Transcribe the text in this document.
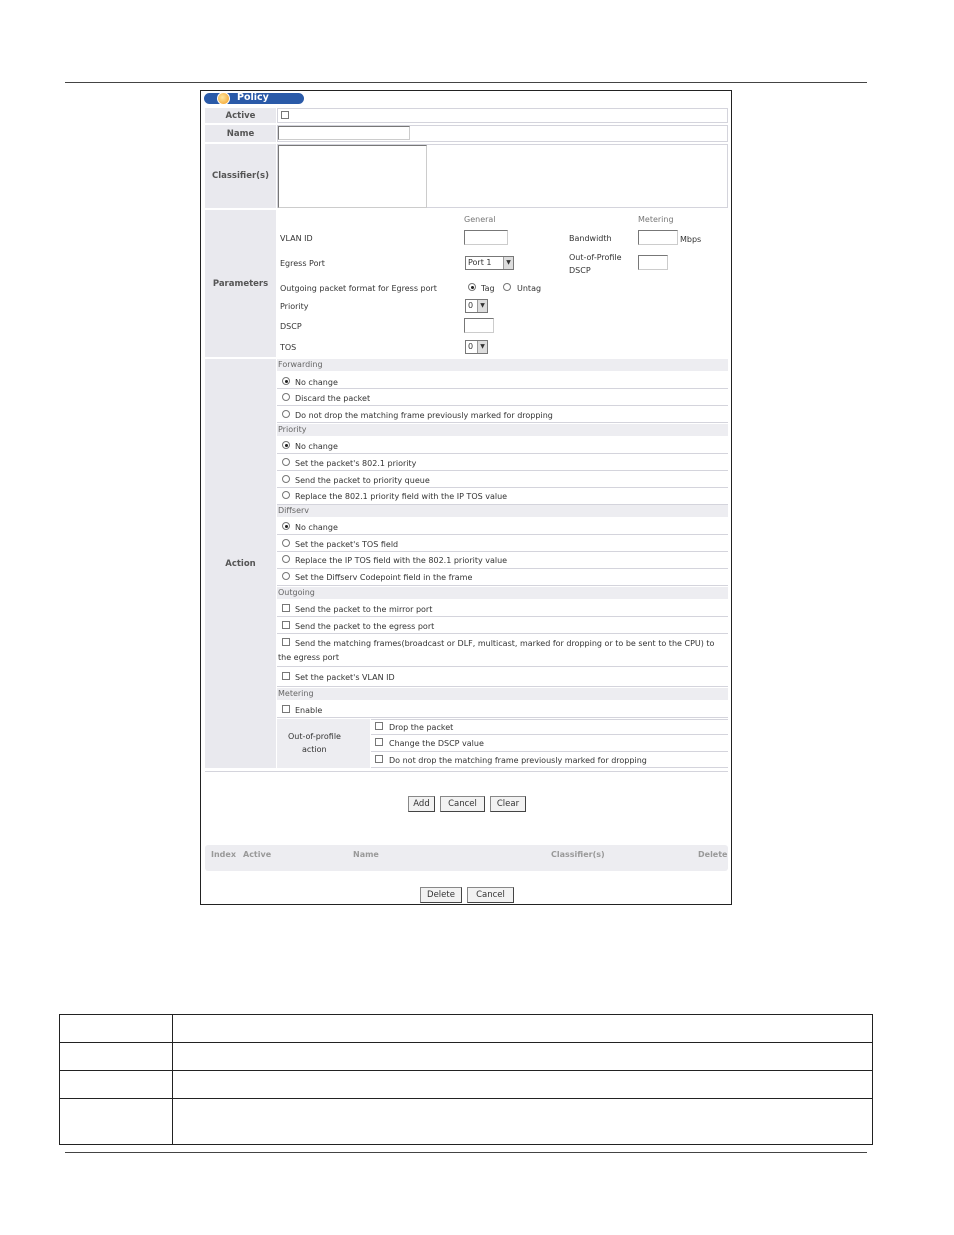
Policy
Active
Name
Classifier(s)
Parameters
General	Metering
VLAN ID	Bandwidth	Mbps
Egress Port	Port 1	▼
Out-of-Profile
DSCP
Outgoing packet format for Egress port	Tag	Untag
Priority	0	▼
DSCP
TOS	0	▼
Action
Forwarding
No change
Discard the packet
Do not drop the matching frame previously marked for dropping
Priority
No change
Set the packet's 802.1 priority
Send the packet to priority queue
Replace the 802.1 priority field with the IP TOS value
Diffserv
No change
Set the packet's TOS field
Replace the IP TOS field with the 802.1 priority value
Set the Diffserv Codepoint field in the frame
Outgoing
Send the packet to the mirror port
Send the packet to the egress port
Send the matching frames(broadcast or DLF, multicast, marked for dropping or to be sent to the CPU) to
the egress port
Set the packet's VLAN ID
Metering
Enable
Out-of-profile
action
Drop the packet
Change the DSCP value
Do not drop the matching frame previously marked for dropping
Add	Cancel	Clear
Index Active	Name	Classifier(s)	Delete
Delete	Cancel
